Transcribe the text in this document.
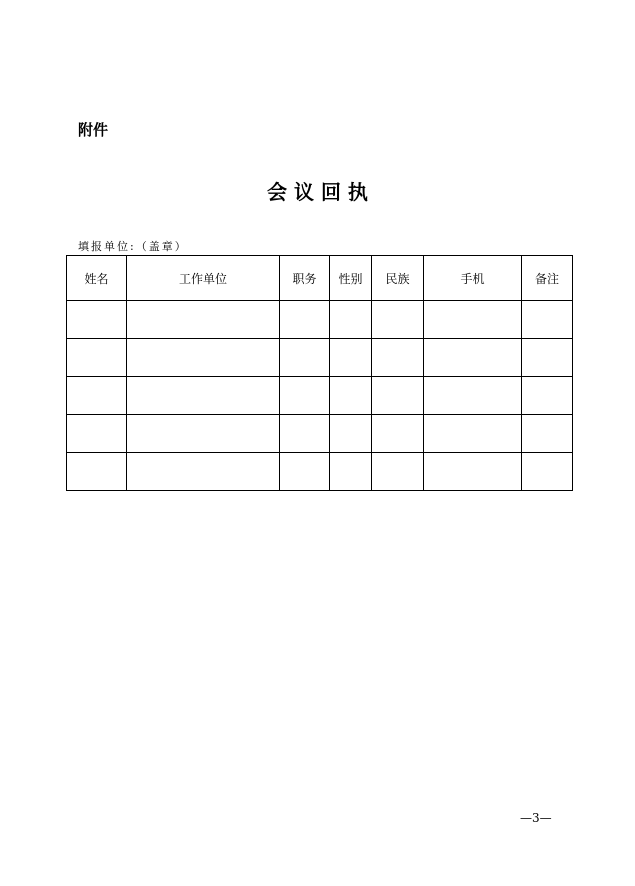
附件
会 议 回 执
填报单位:（盖章）
姓名	工作单位	职务	性别	民族	手机	备注

—3—
